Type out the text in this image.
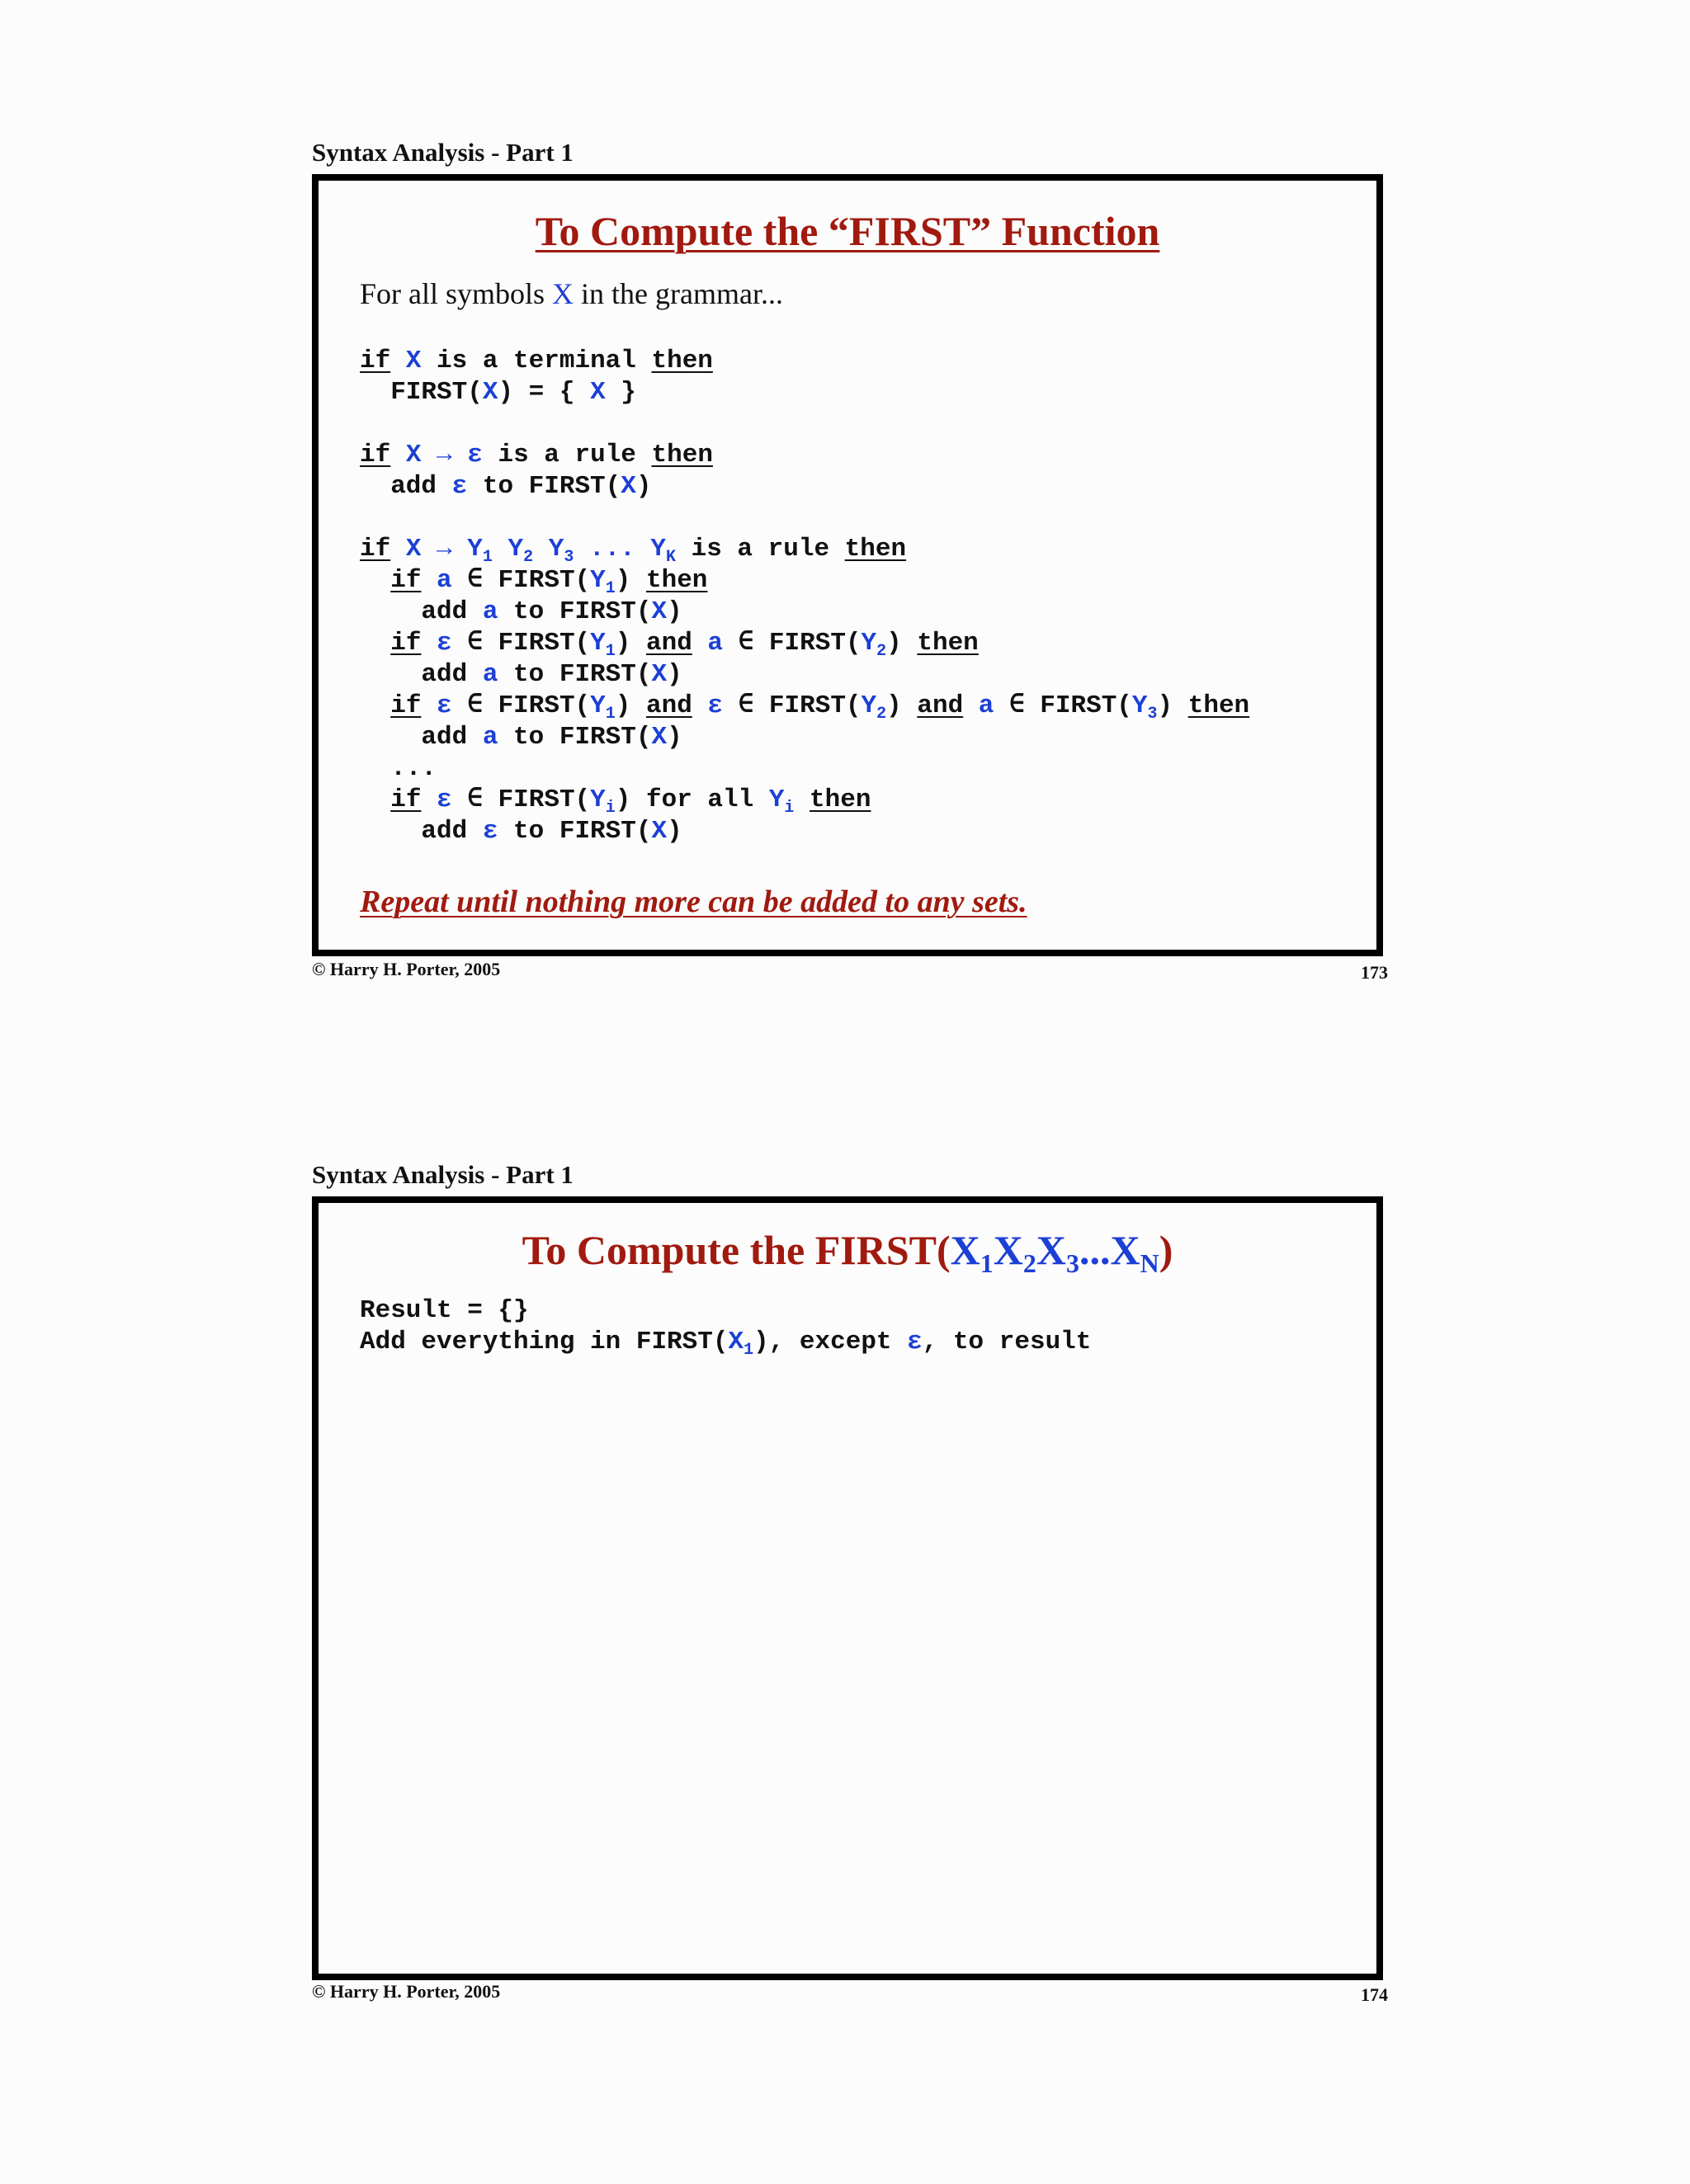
Syntax Analysis - Part 1
To Compute the “FIRST” Function
For all symbols X in the grammar...
if X is a terminal then
FIRST(X) = { X }
if X → ε is a rule then
add ε to FIRST(X)
if $X \to Y_1$ $Y_2$ $Y_3$ ... $Y_K$ is a rule then
if a ∈ $FIRST(Y_1)$ then
add a to FIRST(X)
if ε ∈ $FIRST(Y_1)$ and a ∈ $FIRST(Y_2)$ then
add a to FIRST(X)
if ε ∈ $FIRST(Y_1)$ and ε ∈ $FIRST(Y_2)$ and a ∈ $FIRST(Y_3)$ then
add a to FIRST(X)
...
if ε ∈ $FIRST(Y_i)$ for all $Y_i$ then
add ε to FIRST(X)
Repeat until nothing more can be added to any sets.
© Harry H. Porter, 2005	173
Syntax Analysis - Part 1
To Compute the $FIRST(X_1X_2X_3...X_N)$
Result = {}
Add everything in $FIRST(X_1)$, except ε, to result
© Harry H. Porter, 2005	174
